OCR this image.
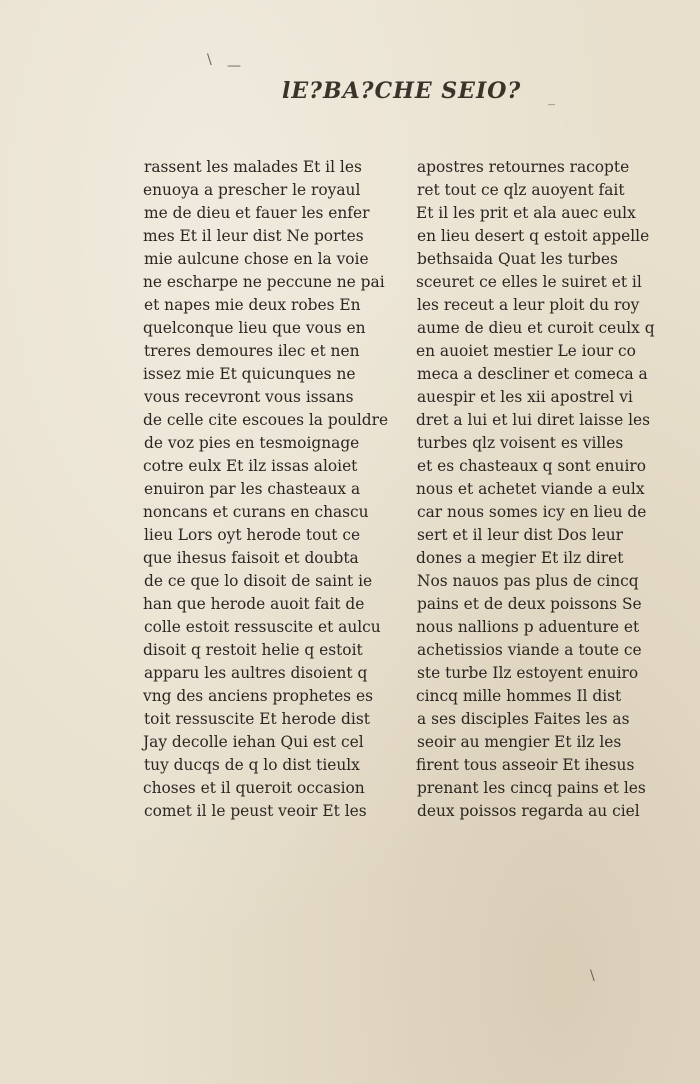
\ —
_
lE?BA?CHE SEIO?
rassent les malades Et il les
enuoya a prescher le royaul
me de dieu et fauer les enfer
mes Et il leur dist Ne portes
mie aulcune chose en la voie
ne escharpe ne peccune ne pai
et napes mie deux robes En
quelconque lieu que vous en
treres demoures ilec et nen
issez mie Et quicunques ne
vous recevront vous issans
de celle cite escoues la pouldre
de voz pies en tesmoignage
cotre eulx Et ilz issas aloiet
enuiron par les chasteaux a
noncans et curans en chascu
lieu Lors oyt herode tout ce
que ihesus faisoit et doubta
de ce que lo disoit de saint ie
han que herode auoit fait de
colle estoit ressuscite et aulcu
disoit q restoit helie q estoit
apparu les aultres disoient q
vng des anciens prophetes es
toit ressuscite Et herode dist
Jay decolle iehan Qui est cel
tuy ducqs de q lo dist tieulx
choses et il queroit occasion
comet il le peust veoir Et les
apostres retournes racopte
ret tout ce qlz auoyent fait
Et il les prit et ala auec eulx
en lieu desert q estoit appelle
bethsaida Quat les turbes
sceuret ce elles le suiret et il
les receut a leur ploit du roy
aume de dieu et curoit ceulx q
en auoiet mestier Le iour co
meca a descliner et comeca a
auespir et les xii apostrel vi
dret a lui et lui diret laisse les
turbes qlz voisent es villes
et es chasteaux q sont enuiro
nous et achetet viande a eulx
car nous somes icy en lieu de
sert et il leur dist Dos leur
dones a megier Et ilz diret
Nos nauos pas plus de cincq
pains et de deux poissons Se
nous nallions p aduenture et
achetissios viande a toute ce
ste turbe Ilz estoyent enuiro
cincq mille hommes Il dist
a ses disciples Faites les as
seoir au mengier Et ilz les
firent tous asseoir Et ihesus
prenant les cincq pains et les
deux poissos regarda au ciel
\
